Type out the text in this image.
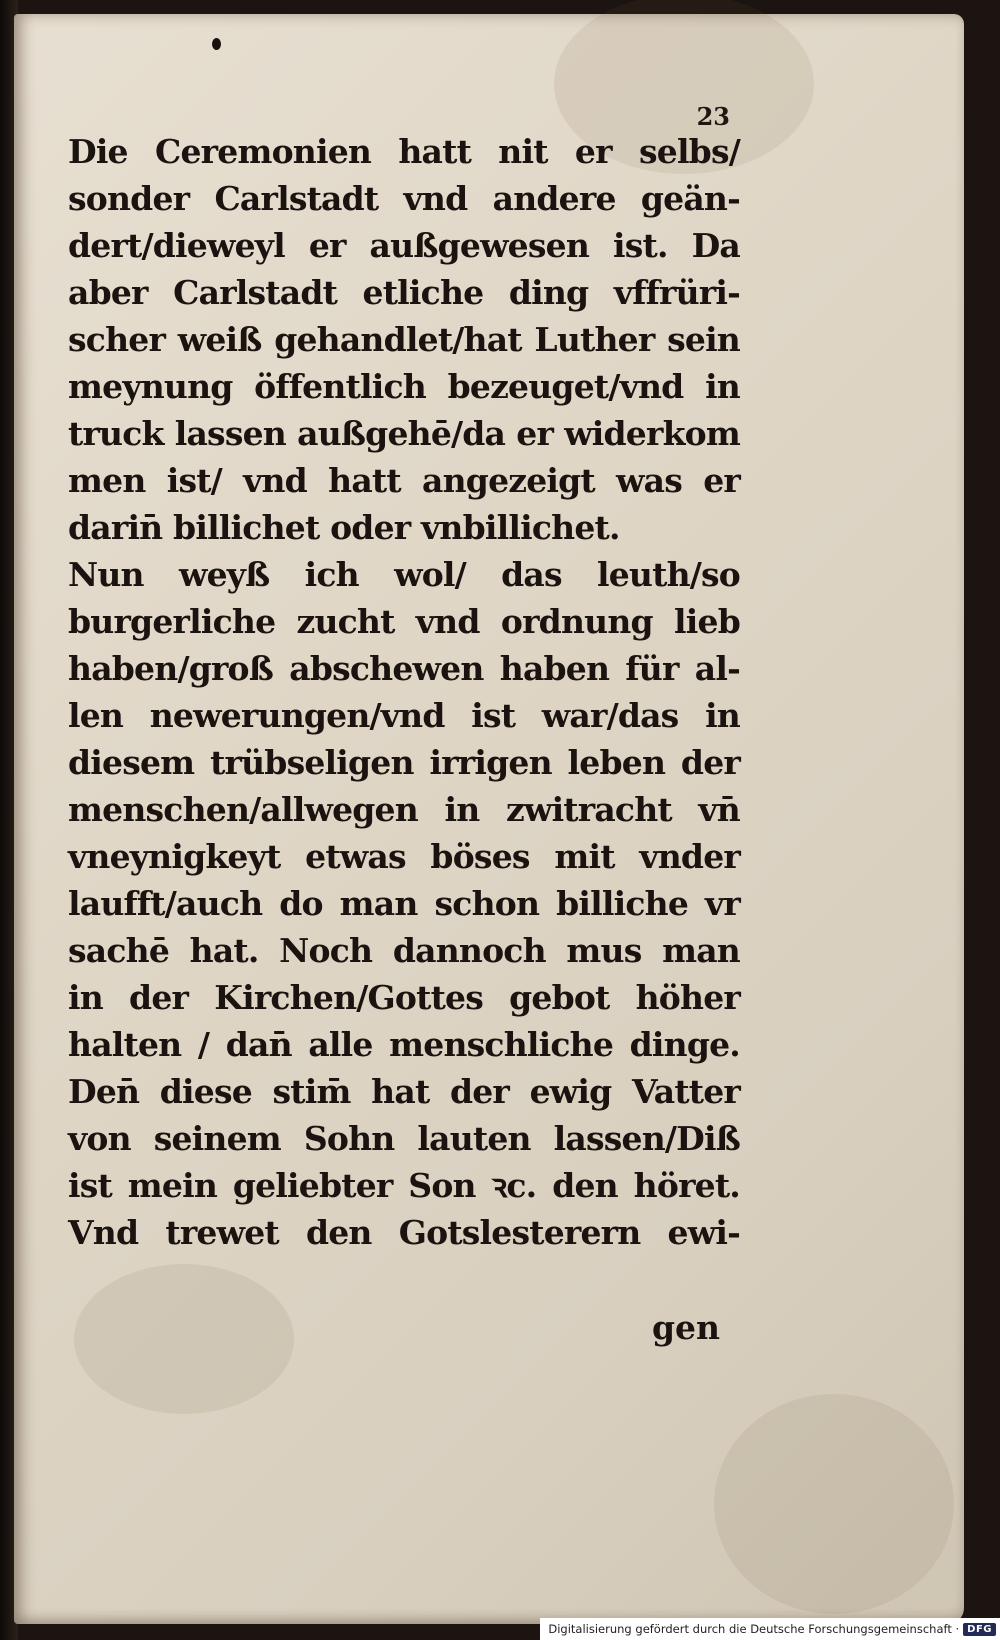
23
Die Ceremonien hatt nit er selbs/
sonder Carlstadt vnd andere geän-
dert/dieweyl er außgewesen ist. Da
aber Carlstadt etliche ding vffrüri-
scher weiß gehandlet/hat Luther sein
meynung öffentlich bezeuget/vnd in
truck lassen außgehē/da er widerkom
men ist/ vnd hatt angezeigt was er
darin̄ billichet oder vnbillichet.
Nun weyß ich wol/ das leuth/so
burgerliche zucht vnd ordnung lieb
haben/groß abschewen haben für al-
len newerungen/vnd ist war/das in
diesem trübseligen irrigen leben der
menschen/allwegen in zwitracht vn̄
vneynigkeyt etwas böses mit vnder
laufft/auch do man schon billiche vr
sachē hat. Noch dannoch mus man
in der Kirchen/Gottes gebot höher
halten / dan̄ alle menschliche dinge.
Den̄ diese stim̄ hat der ewig Vatter
von seinem Sohn lauten lassen/Diß
ist mein geliebter Son ꝛc. den höret.
Vnd trewet den Gotslesterern ewi-
gen
Digitalisierung gefördert durch die Deutsche Forschungsgemeinschaft · DFG
